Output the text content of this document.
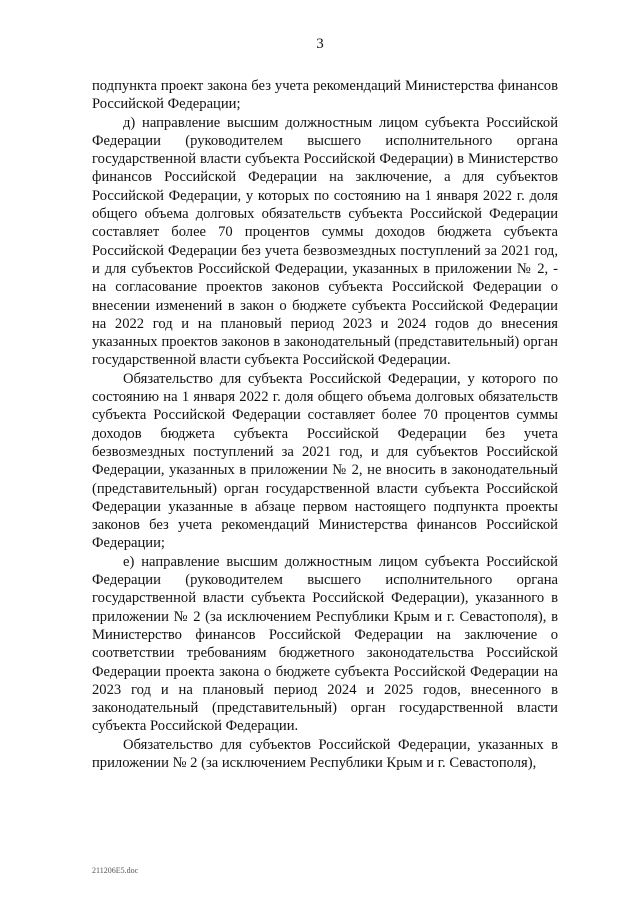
3

подпункта проект закона без учета рекомендаций Министерства финансов Российской Федерации;

д) направление высшим должностным лицом субъекта Российской Федерации (руководителем высшего исполнительного органа государственной власти субъекта Российской Федерации) в Министерство финансов Российской Федерации на заключение, а для субъектов Российской Федерации, у которых по состоянию на 1 января 2022 г. доля общего объема долговых обязательств субъекта Российской Федерации составляет более 70 процентов суммы доходов бюджета субъекта Российской Федерации без учета безвозмездных поступлений за 2021 год, и для субъектов Российской Федерации, указанных в приложении № 2, - на согласование проектов законов субъекта Российской Федерации о внесении изменений в закон о бюджете субъекта Российской Федерации на 2022 год и на плановый период 2023 и 2024 годов до внесения указанных проектов законов в законодательный (представительный) орган государственной власти субъекта Российской Федерации.

Обязательство для субъекта Российской Федерации, у которого по состоянию на 1 января 2022 г. доля общего объема долговых обязательств субъекта Российской Федерации составляет более 70 процентов суммы доходов бюджета субъекта Российской Федерации без учета безвозмездных поступлений за 2021 год, и для субъектов Российской Федерации, указанных в приложении № 2, не вносить в законодательный (представительный) орган государственной власти субъекта Российской Федерации указанные в абзаце первом настоящего подпункта проекты законов без учета рекомендаций Министерства финансов Российской Федерации;

е) направление высшим должностным лицом субъекта Российской Федерации (руководителем высшего исполнительного органа государственной власти субъекта Российской Федерации), указанного в приложении № 2 (за исключением Республики Крым и г. Севастополя), в Министерство финансов Российской Федерации на заключение о соответствии требованиям бюджетного законодательства Российской Федерации проекта закона о бюджете субъекта Российской Федерации на 2023 год и на плановый период 2024 и 2025 годов, внесенного в законодательный (представительный) орган государственной власти субъекта Российской Федерации.

Обязательство для субъектов Российской Федерации, указанных в приложении № 2 (за исключением Республики Крым и г. Севастополя),

211206E5.doc
